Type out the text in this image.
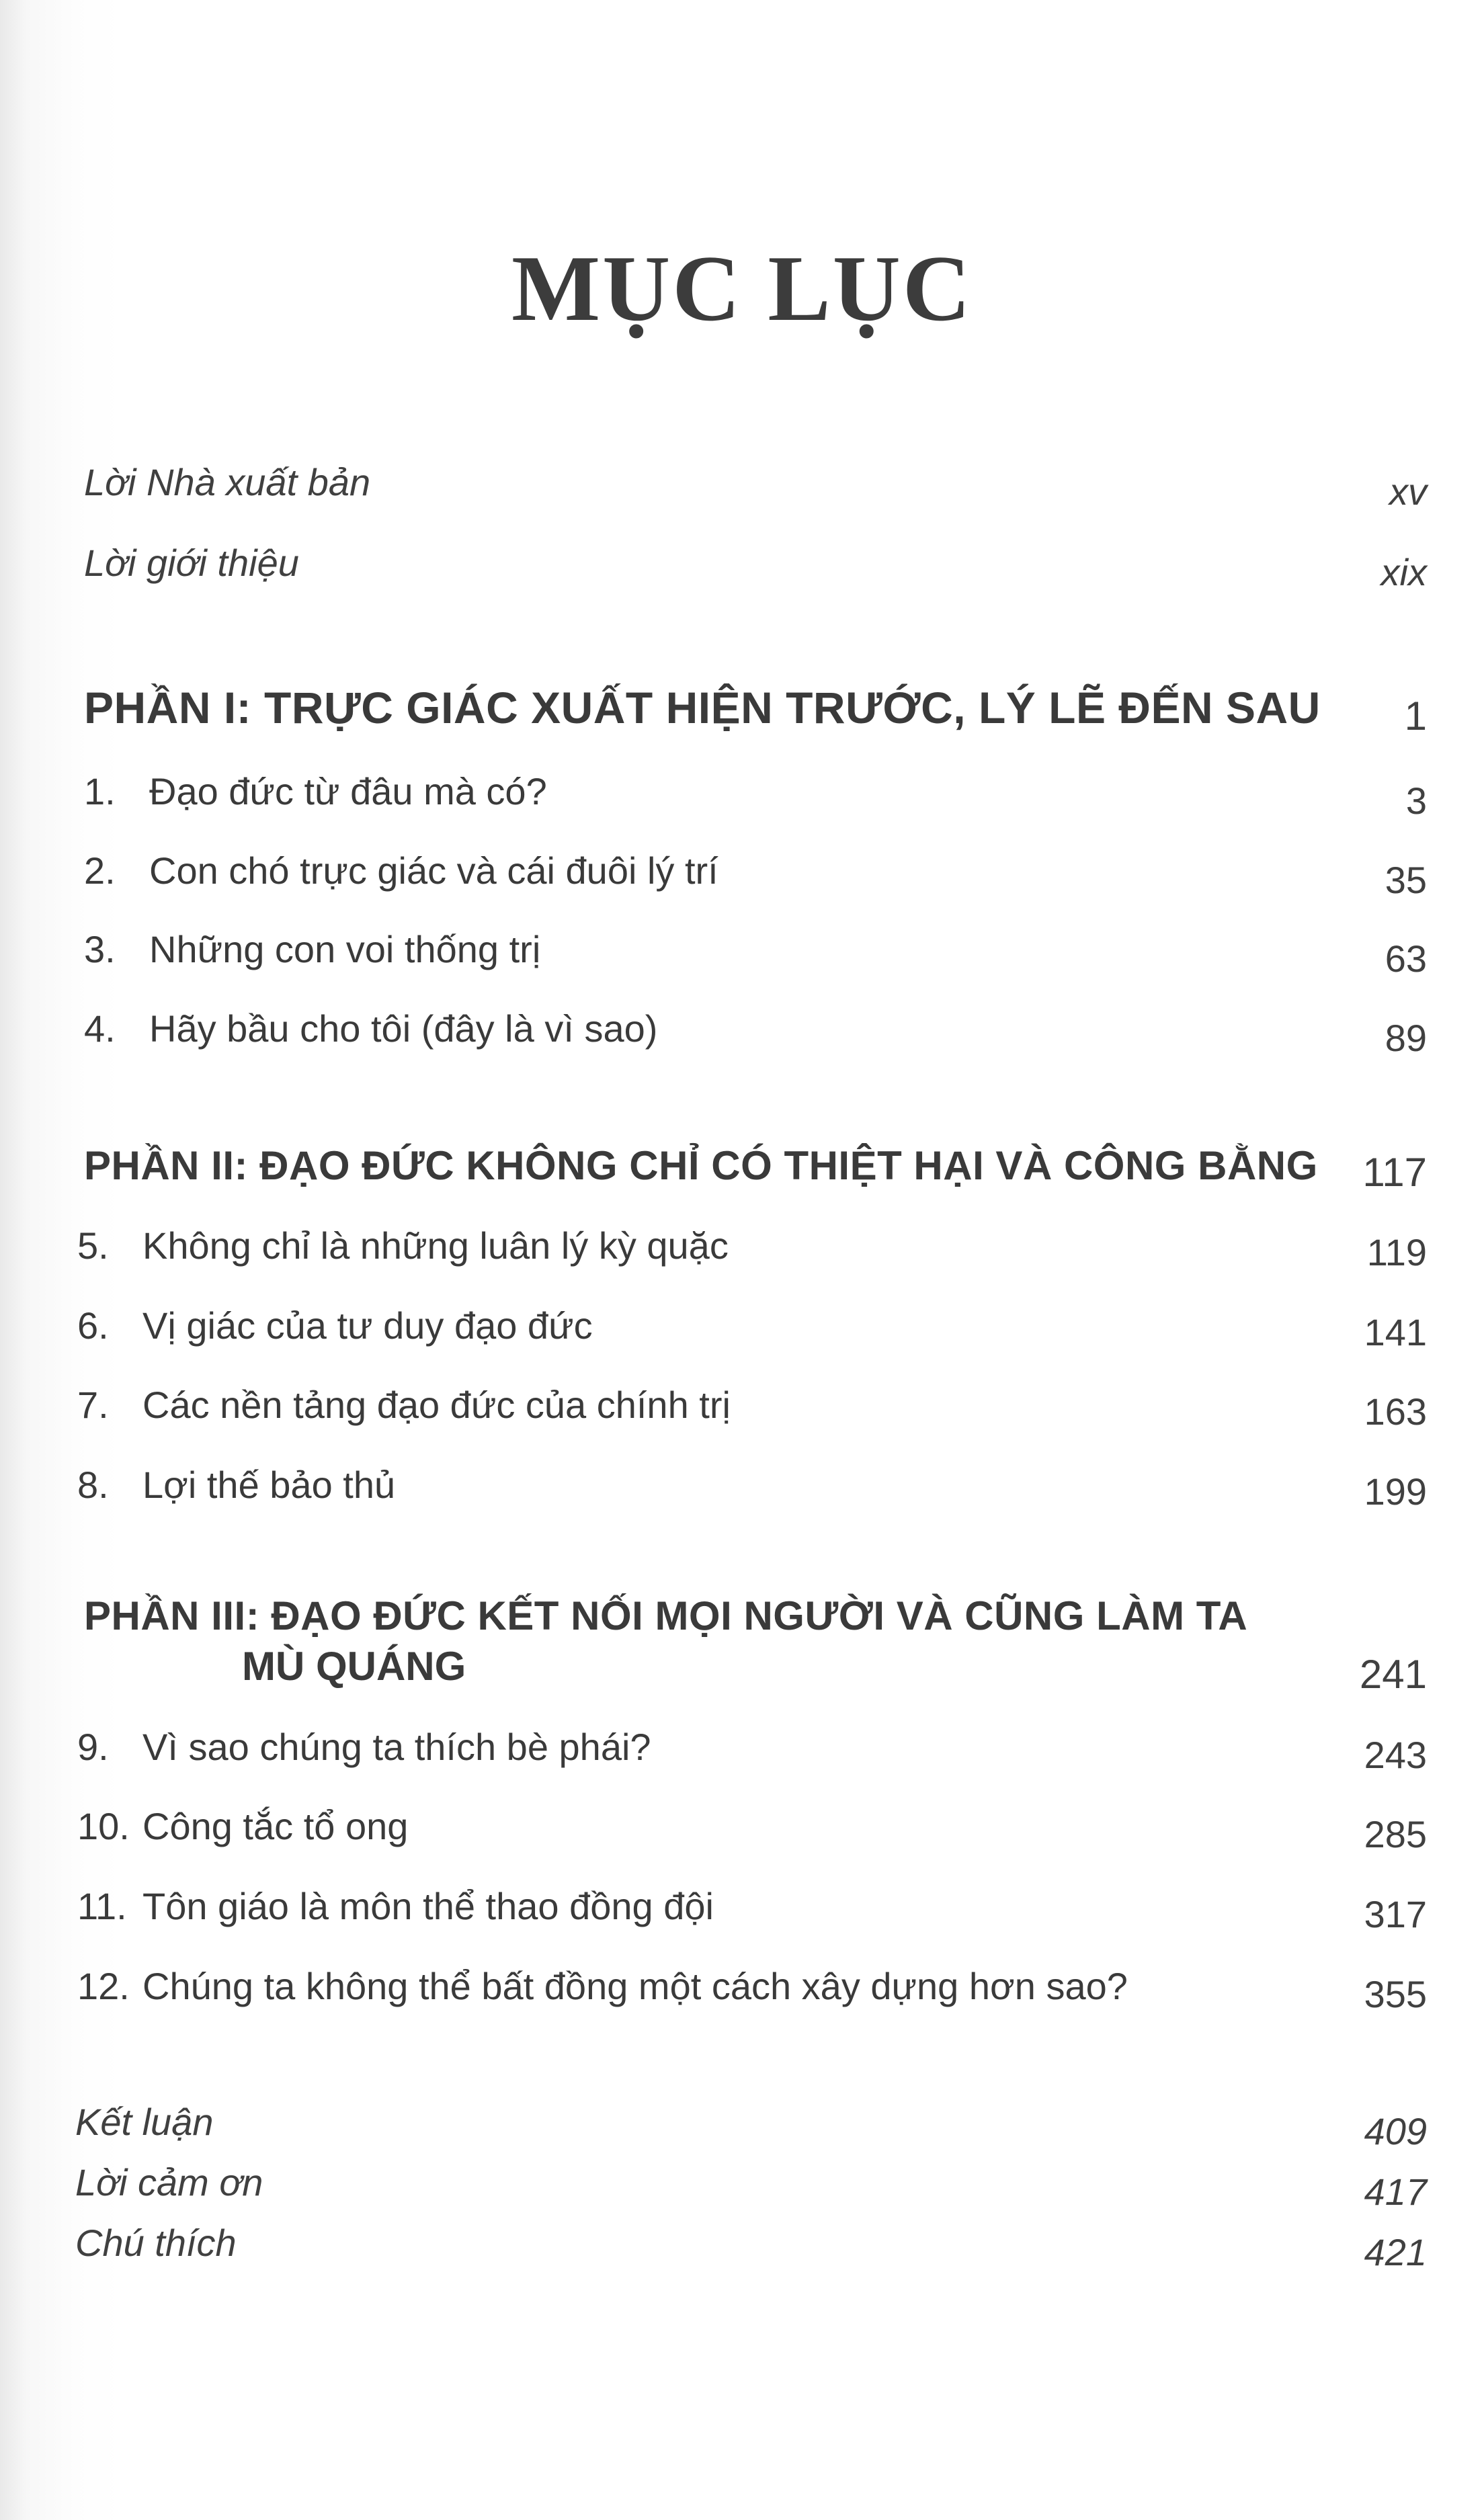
MỤC LỤC
Lời Nhà xuất bản	xv
Lời giới thiệu	xix
PHẦN I: TRỰC GIÁC XUẤT HIỆN TRƯỚC, LÝ LẼ ĐẾN SAU 1
1. Đạo đức từ đâu mà có?	3
2. Con chó trực giác và cái đuôi lý trí	35
3. Những con voi thống trị	63
4. Hãy bầu cho tôi (đây là vì sao)	89
PHẦN II: ĐẠO ĐỨC KHÔNG CHỈ CÓ THIỆT HẠI VÀ CÔNG BẰNG 117
5. Không chỉ là những luân lý kỳ quặc	119
6. Vị giác của tư duy đạo đức	141
7. Các nền tảng đạo đức của chính trị	163
8. Lợi thế bảo thủ	199
PHẦN III: ĐẠO ĐỨC KẾT NỐI MỌI NGƯỜI VÀ CŨNG LÀM TA
MÙ QUÁNG	241
9. Vì sao chúng ta thích bè phái?	243
10. Công tắc tổ ong	285
11. Tôn giáo là môn thể thao đồng đội	317
12. Chúng ta không thể bất đồng một cách xây dựng hơn sao?	355
Kết luận	409
Lời cảm ơn	417
Chú thích	421
